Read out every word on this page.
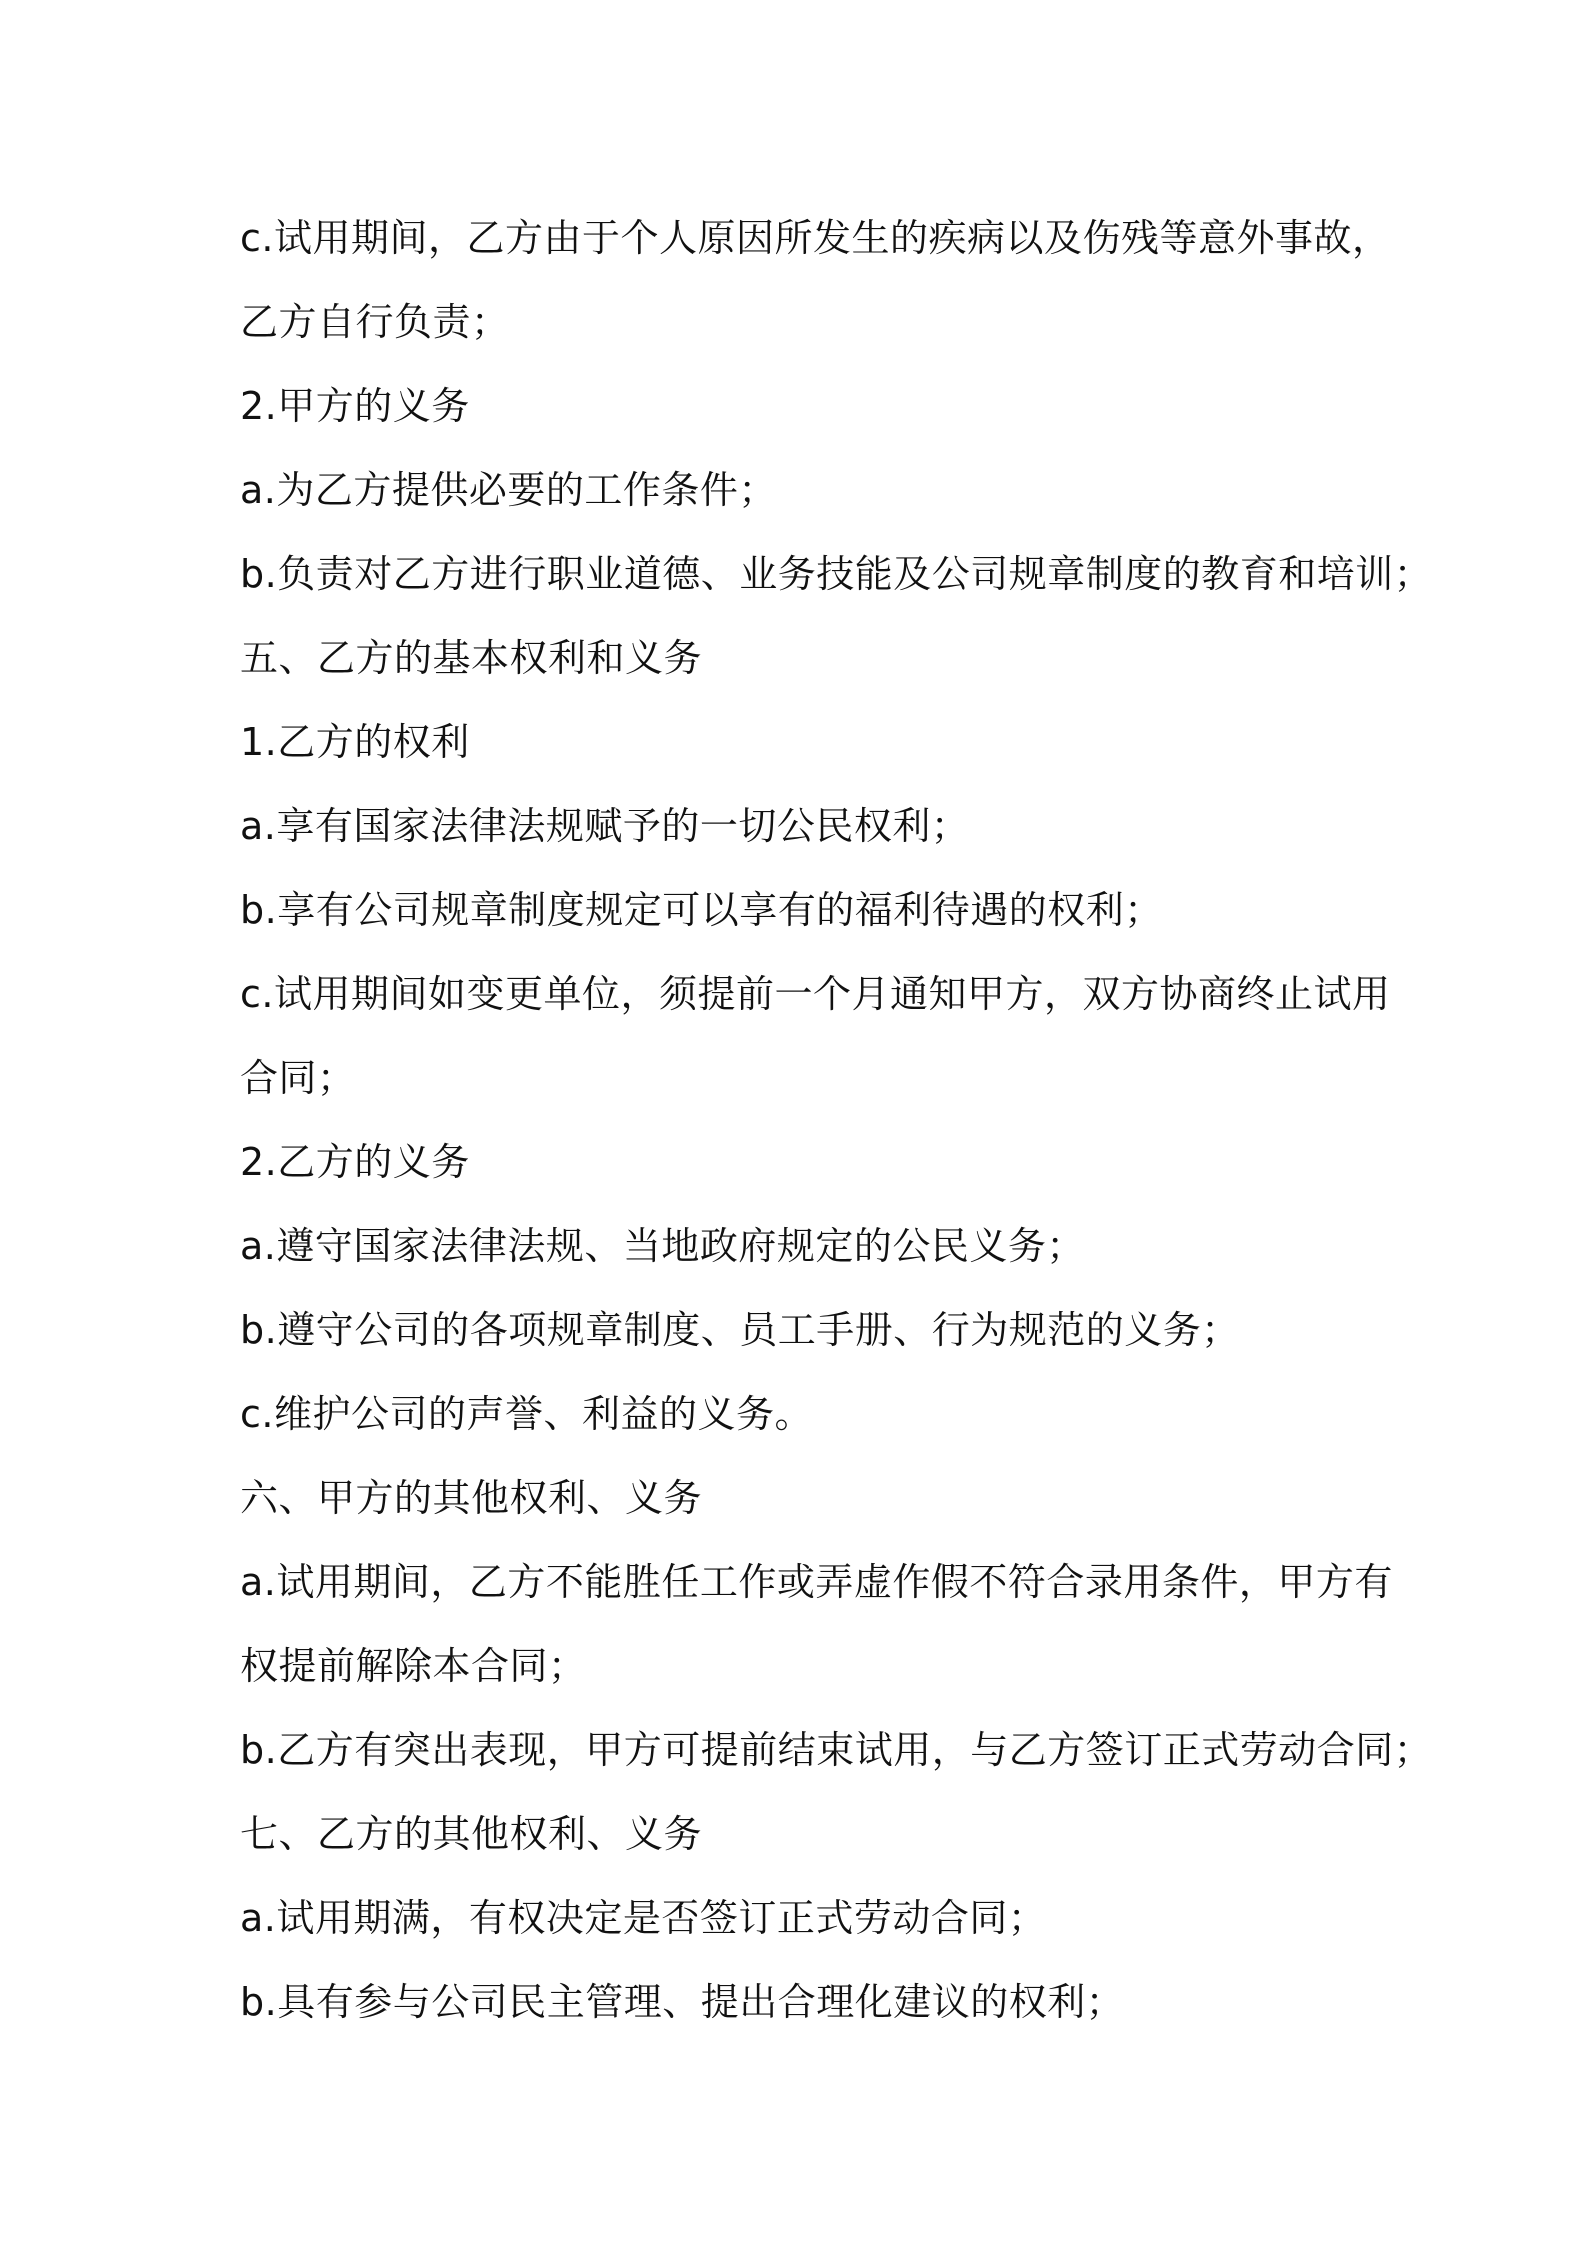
c.试用期间，乙方由于个人原因所发生的疾病以及伤残等意外事故，
乙方自行负责；
2.甲方的义务
a.为乙方提供必要的工作条件；
b.负责对乙方进行职业道德、业务技能及公司规章制度的教育和培训；
五、乙方的基本权利和义务
1.乙方的权利
a.享有国家法律法规赋予的一切公民权利；
b.享有公司规章制度规定可以享有的福利待遇的权利；
c.试用期间如变更单位，须提前一个月通知甲方，双方协商终止试用
合同；
2.乙方的义务
a.遵守国家法律法规、当地政府规定的公民义务；
b.遵守公司的各项规章制度、员工手册、行为规范的义务；
c.维护公司的声誉、利益的义务。
六、甲方的其他权利、义务
a.试用期间，乙方不能胜任工作或弄虚作假不符合录用条件，甲方有
权提前解除本合同；
b.乙方有突出表现，甲方可提前结束试用，与乙方签订正式劳动合同；
七、乙方的其他权利、义务
a.试用期满，有权决定是否签订正式劳动合同；
b.具有参与公司民主管理、提出合理化建议的权利；
